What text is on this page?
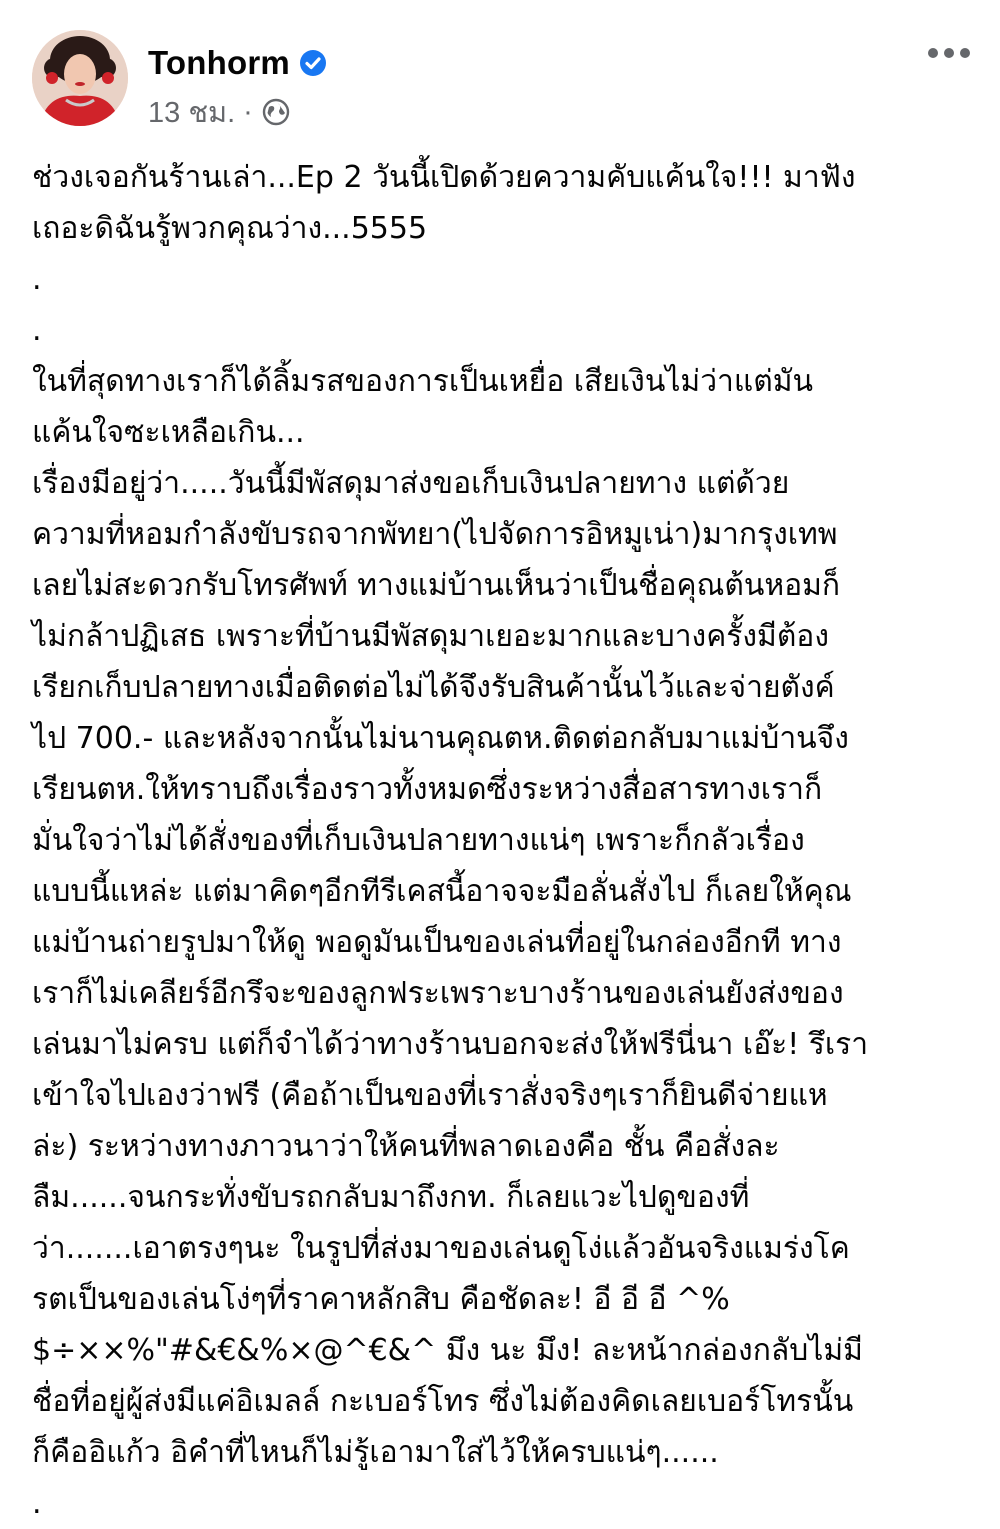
Tonhorm
13 ชม. ·
ช่วงเจอกันร้านเล่า...Ep 2 วันนี้เปิดด้วยความคับแค้นใจ!!! มาฟัง
เถอะดิฉันรู้พวกคุณว่าง...5555
.
.
ในที่สุดทางเราก็ได้ลิ้มรสของการเป็นเหยื่อ เสียเงินไม่ว่าแต่มัน
แค้นใจซะเหลือเกิน...
เรื่องมีอยู่ว่า.....วันนี้มีพัสดุมาส่งขอเก็บเงินปลายทาง แต่ด้วย
ความที่หอมกำลังขับรถจากพัทยา(ไปจัดการอิหมูเน่า)มากรุงเทพ
เลยไม่สะดวกรับโทรศัพท์ ทางแม่บ้านเห็นว่าเป็นชื่อคุณต้นหอมก็
ไม่กล้าปฏิเสธ เพราะที่บ้านมีพัสดุมาเยอะมากและบางครั้งมีต้อง
เรียกเก็บปลายทางเมื่อติดต่อไม่ได้จึงรับสินค้านั้นไว้และจ่ายตังค์
ไป 700.- และหลังจากนั้นไม่นานคุณตห.ติดต่อกลับมาแม่บ้านจึง
เรียนตห.ให้ทราบถึงเรื่องราวทั้งหมดซึ่งระหว่างสื่อสารทางเราก็
มั่นใจว่าไม่ได้สั่งของที่เก็บเงินปลายทางแน่ๆ เพราะก็กลัวเรื่อง
แบบนี้แหล่ะ แต่มาคิดๆอีกทีรีเคสนี้อาจจะมือลั่นสั่งไป ก็เลยให้คุณ
แม่บ้านถ่ายรูปมาให้ดู พอดูมันเป็นของเล่นที่อยู่ในกล่องอีกที ทาง
เราก็ไม่เคลียร์อีกรึจะของลูกฟระเพราะบางร้านของเล่นยังส่งของ
เล่นมาไม่ครบ แต่ก็จำได้ว่าทางร้านบอกจะส่งให้ฟรีนี่นา เอ๊ะ! รึเรา
เข้าใจไปเองว่าฟรี (คือถ้าเป็นของที่เราสั่งจริงๆเราก็ยินดีจ่ายแห
ล่ะ) ระหว่างทางภาวนาว่าให้คนที่พลาดเองคือ ชั้น คือสั่งละ
ลืม......จนกระทั่งขับรถกลับมาถึงกท. ก็เลยแวะไปดูของที่
ว่า.......เอาตรงๆนะ ในรูปที่ส่งมาของเล่นดูโง่แล้วอันจริงแมร่งโค
รตเป็นของเล่นโง่ๆที่ราคาหลักสิบ คือชัดละ! อี อี อี ^%
$÷××%"#&€&%×@^€&^ มึง นะ มึง! ละหน้ากล่องกลับไม่มี
ชื่อที่อยู่ผู้ส่งมีแค่อิเมลล์ กะเบอร์โทร ซึ่งไม่ต้องคิดเลยเบอร์โทรนั้น
ก็คืออิแก้ว อิคำที่ไหนก็ไม่รู้เอามาใส่ไว้ให้ครบแน่ๆ......
.
